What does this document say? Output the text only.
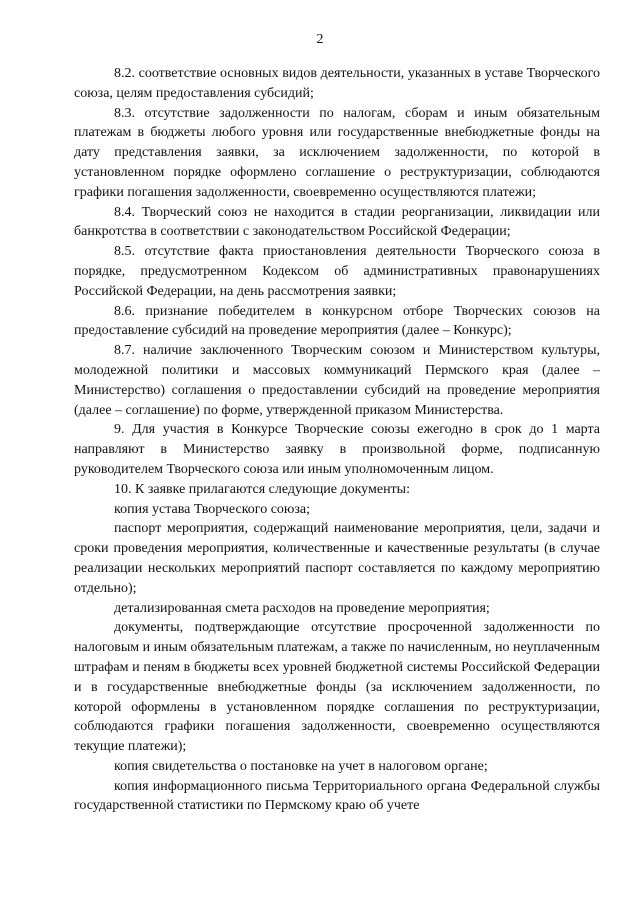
2

8.2. соответствие основных видов деятельности, указанных в уставе Творческого союза, целям предоставления субсидий;

8.3. отсутствие задолженности по налогам, сборам и иным обязательным платежам в бюджеты любого уровня или государственные внебюджетные фонды на дату представления заявки, за исключением задолженности, по которой в установленном порядке оформлено соглашение о реструктуризации, соблюдаются графики погашения задолженности, своевременно осуществляются платежи;

8.4. Творческий союз не находится в стадии реорганизации, ликвидации или банкротства в соответствии с законодательством Российской Федерации;

8.5. отсутствие факта приостановления деятельности Творческого союза в порядке, предусмотренном Кодексом об административных правонарушениях Российской Федерации, на день рассмотрения заявки;

8.6. признание победителем в конкурсном отборе Творческих союзов на предоставление субсидий на проведение мероприятия (далее – Конкурс);

8.7. наличие заключенного Творческим союзом и Министерством культуры, молодежной политики и массовых коммуникаций Пермского края (далее – Министерство) соглашения о предоставлении субсидий на проведение мероприятия (далее – соглашение) по форме, утвержденной приказом Министерства.

9. Для участия в Конкурсе Творческие союзы ежегодно в срок до 1 марта направляют в Министерство заявку в произвольной форме, подписанную руководителем Творческого союза или иным уполномоченным лицом.

10. К заявке прилагаются следующие документы:

копия устава Творческого союза;

паспорт мероприятия, содержащий наименование мероприятия, цели, задачи и сроки проведения мероприятия, количественные и качественные результаты (в случае реализации нескольких мероприятий паспорт составляется по каждому мероприятию отдельно);

детализированная смета расходов на проведение мероприятия;

документы, подтверждающие отсутствие просроченной задолженности по налоговым и иным обязательным платежам, а также по начисленным, но неуплаченным штрафам и пеням в бюджеты всех уровней бюджетной системы Российской Федерации и в государственные внебюджетные фонды (за исключением задолженности, по которой оформлены в установленном порядке соглашения по реструктуризации, соблюдаются графики погашения задолженности, своевременно осуществляются текущие платежи);

копия свидетельства о постановке на учет в налоговом органе;

копия информационного письма Территориального органа Федеральной службы государственной статистики по Пермскому краю об учете
